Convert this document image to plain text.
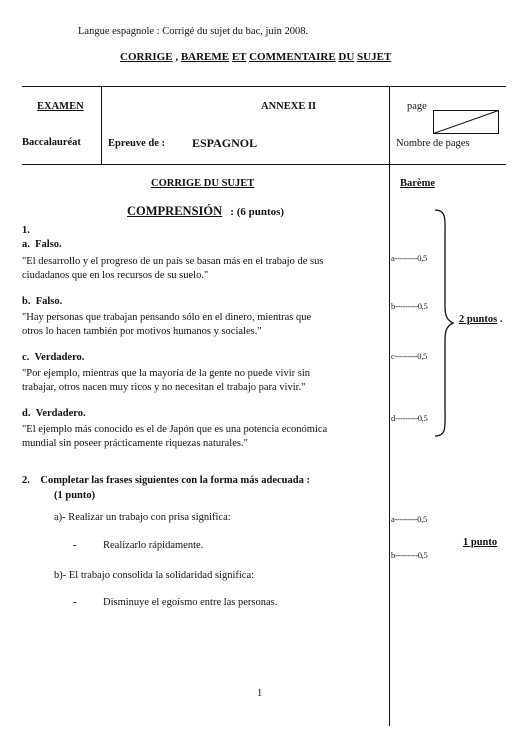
Langue espagnole : Corrigé du sujet du bac, juin 2008.
CORRIGE , BAREME ET COMMENTAIRE DU SUJET
EXAMEN	ANNEXE II	page
Baccalauréat	Epreuve de : ESPAGNOL	Nombre de pages
CORRIGE DU SUJET	Barème
COMPRENSIÓN : (6 puntos)
1.
a. Falso.
"El desarrollo y el progreso de un país se basan más en el trabajo de sus
ciudadanos que en los recursos de su suelo."
a---------0,5
b. Falso.
"Hay personas que trabajan pensando sólo en el dinero, mientras que
otros lo hacen también por motivos humanos y sociales."
b---------0,5
c. Verdadero.
"Por ejemplo, mientras que la mayoría de la gente no puede vivir sin
trabajar, otros nacen muy ricos y no necesitan el trabajo para vivir."
c---------0,5
d. Verdadero.
"El ejemplo más conocido es el de Japón que es una potencia económica
mundial sin poseer prácticamente riquezas naturales."
d---------0,5
2 puntos .
2. Completar las frases siguientes con la forma más adecuada :
(1 punto)
a)- Realizar un trabajo con prisa significa:	a---------0,5
-	Realizarlo rápidamente.
b---------0,5
1 punto
b)- El trabajo consolida la solidaridad significa:
-	Disminuye el egoísmo entre las personas.
1
